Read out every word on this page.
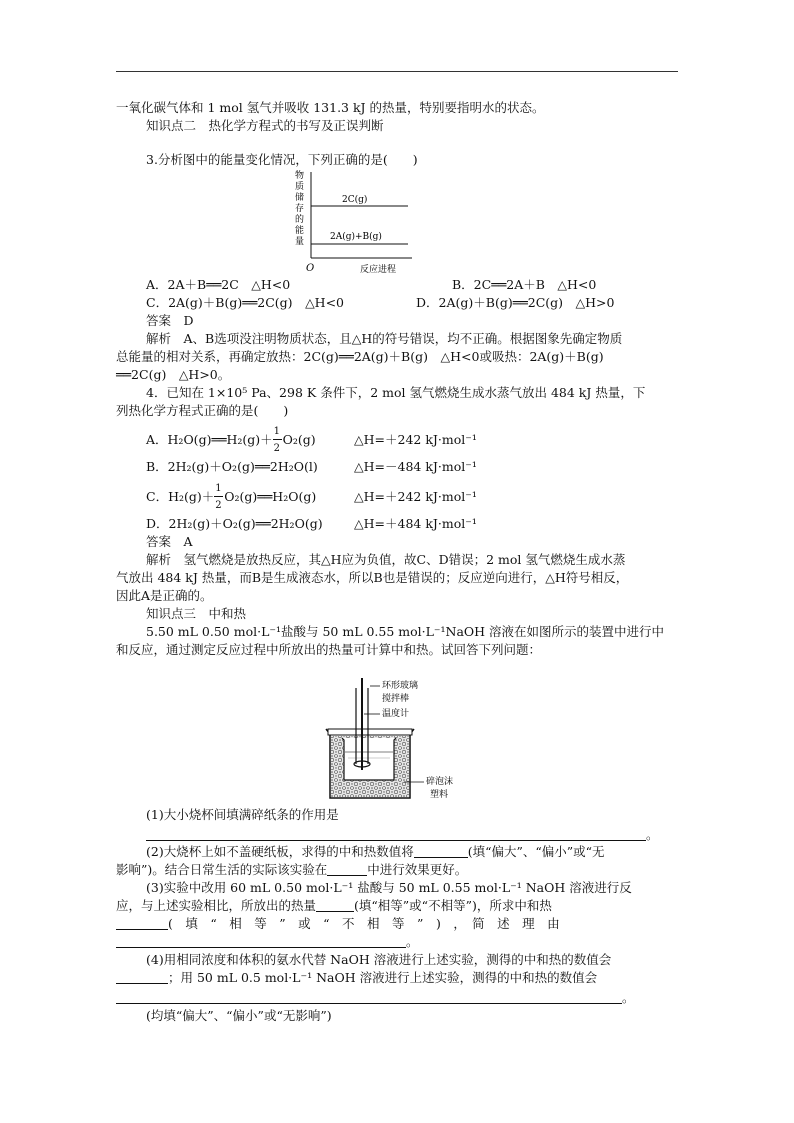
一氧化碳气体和 1 mol 氢气并吸收 131.3 kJ 的热量，特别要指明水的状态。
知识点二　热化学方程式的书写及正误判断
3.分析图中的能量变化情况，下列正确的是(　　)
物 质 储 存 的 能 量
2C(g)
2A(g)+B(g)
O	反应进程
A．2A＋B══2C　△H<0	B．2C══2A＋B　△H<0
C．2A(g)＋B(g)══2C(g)　△H<0	D．2A(g)＋B(g)══2C(g)　△H>0
答案　D
解析　A、B选项没注明物质状态，且△H的符号错误，均不正确。根据图象先确定物质
总能量的相对关系，再确定放热：2C(g)══2A(g)＋B(g)　△H<0或吸热：2A(g)＋B(g)
══2C(g)　△H>0。
4．已知在 1×10⁵ Pa、298 K 条件下，2 mol 氢气燃烧生成水蒸气放出 484 kJ 热量，下
列热化学方程式正确的是(　　)
A．H₂O(g)══H₂(g)＋ $\frac{1}{2} O_2(g)$	△H=＋242 kJ·mol⁻¹
B．2H₂(g)＋O₂(g)══2H₂O(l)	△H=－484 kJ·mol⁻¹
C．$H_2(g)+ \frac{1}{2}$ O₂(g)══H₂O(g)	△H=＋242 kJ·mol⁻¹
D．2H₂(g)＋O₂(g)══2H₂O(g)	△H=＋484 kJ·mol⁻¹
答案　A
解析　氢气燃烧是放热反应，其△H应为负值，故C、D错误；2 mol 氢气燃烧生成水蒸
气放出 484 kJ 热量，而B是生成液态水，所以B也是错误的；反应逆向进行，△H符号相反，
因此A是正确的。
知识点三　中和热
5.50 mL 0.50 mol·L⁻¹盐酸与 50 mL 0.55 mol·L⁻¹NaOH 溶液在如图所示的装置中进行中
和反应，通过测定反应过程中所放出的热量可计算中和热。试回答下列问题：
环形玻璃
搅拌棒
温度计
碎泡沫
塑料
(1)大小烧杯间填满碎纸条的作用是
。
(2)大烧杯上如不盖硬纸板，求得的中和热数值将	(填“偏大”、“偏小”或“无
影响”)。结合日常生活的实际该实验在	中进行效果更好。
(3)实验中改用 60 mL 0.50 mol·L⁻¹ 盐酸与 50 mL 0.55 mol·L⁻¹ NaOH 溶液进行反
应，与上述实验相比，所放出的热量	(填“相等”或“不相等”)，所求中和热
(　填　“　相　等　”　或　“　不　相　等　”　)　，　简　述　理　由
。
(4)用相同浓度和体积的氨水代替 NaOH 溶液进行上述实验，测得的中和热的数值会
；用 50 mL 0.5 mol·L⁻¹ NaOH 溶液进行上述实验，测得的中和热的数值会
。
(均填“偏大”、“偏小”或“无影响”)
